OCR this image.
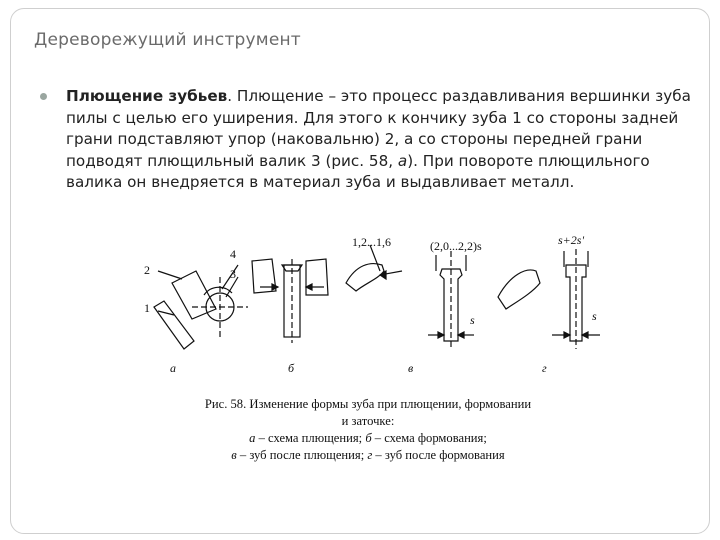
Дереворежущий инструмент
Плющение зубьев. Плющение – это процесс раздавливания вершинки зуба пилы с целью его уширения. Для этого к кончику зуба 1 со стороны задней грани подставляют упор (наковальню) 2, а со стороны передней грани подводят плющильный валик 3 (рис. 58, а). При повороте плющильного валика он внедряется в материал зуба и выдавливает металл.
2
1
4
3
1,2...1,6	(2,0...2,2)s	s+2s'
s	s
а	б	в	г
Рис. 58. Изменение формы зуба при плющении, формовании
и заточке:
а – схема плющения; б – схема формования;
в – зуб после плющения; г – зуб после формования
